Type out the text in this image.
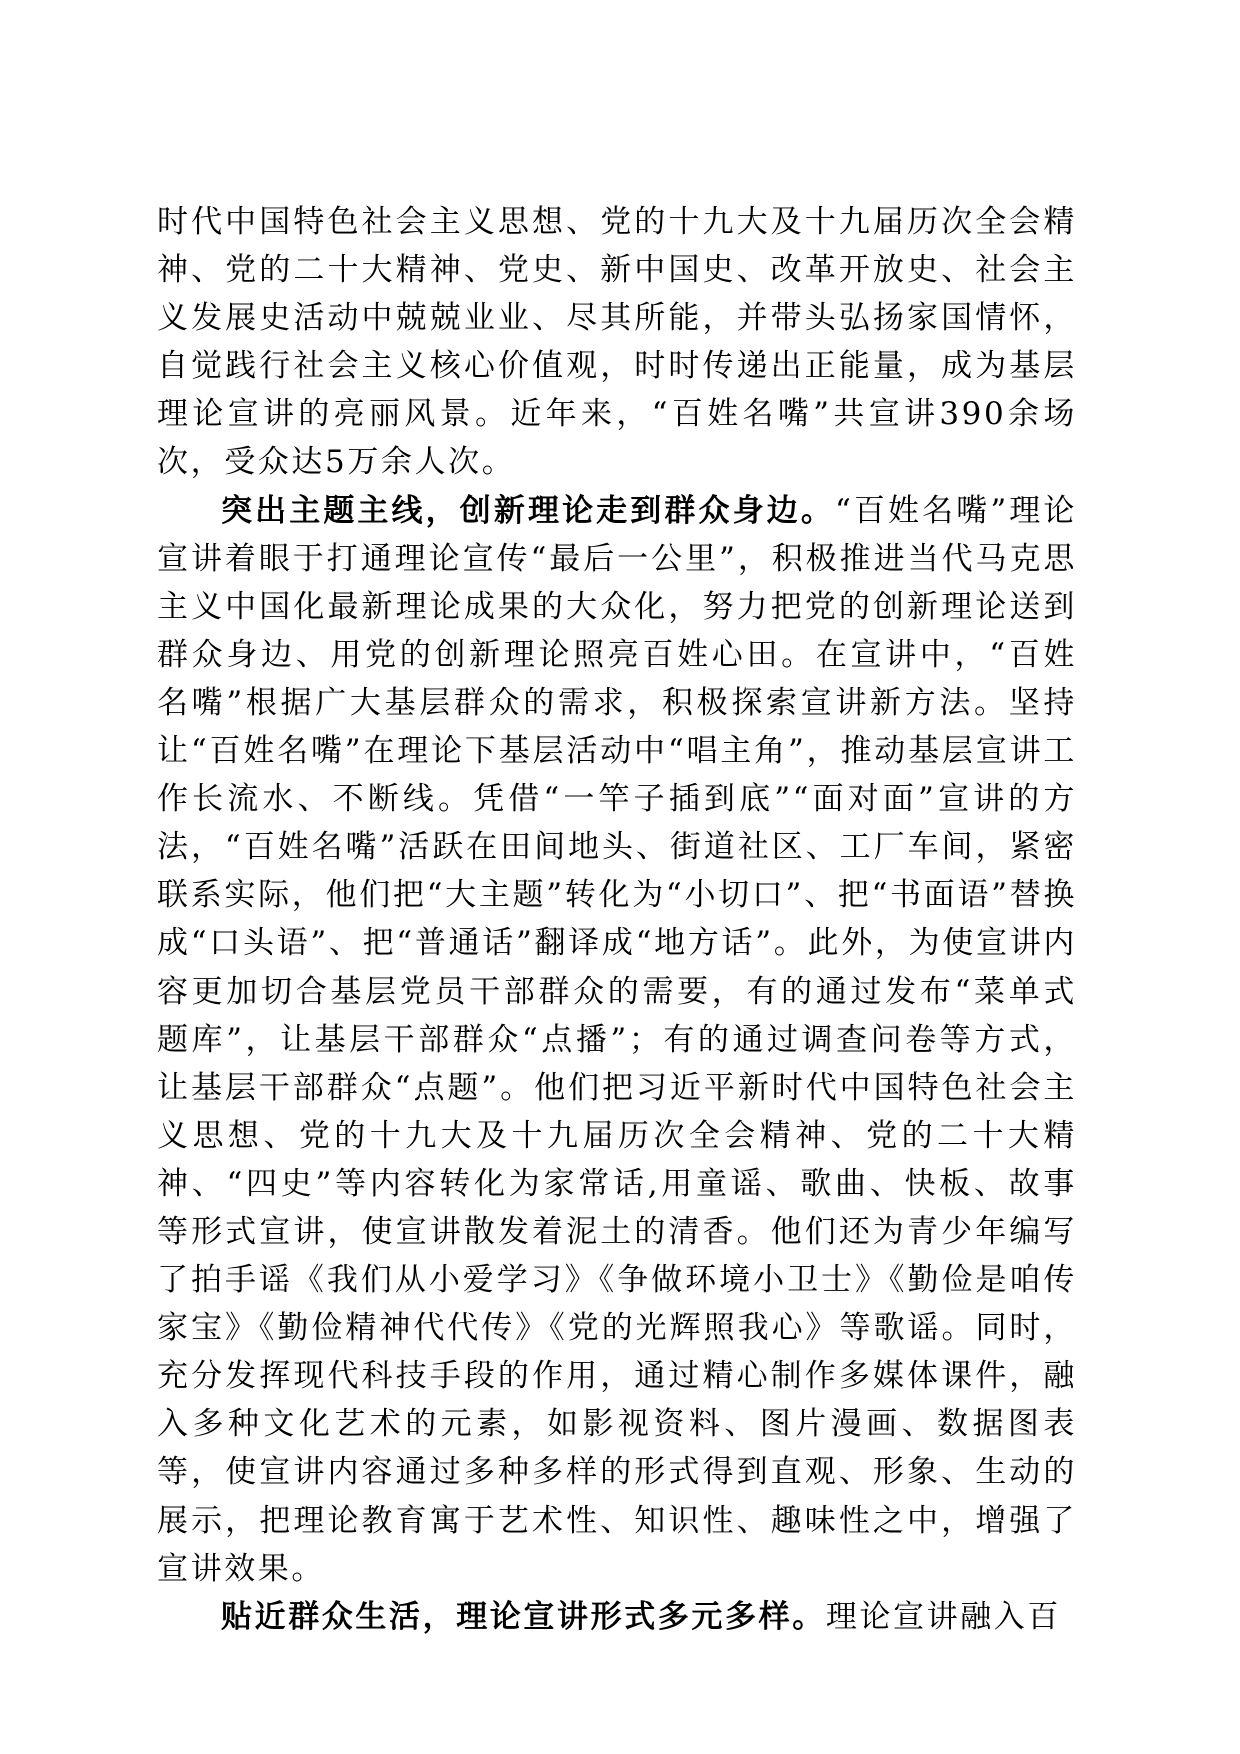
时代中国特色社会主义思想、党的十九大及十九届历次全会精神、党的二十大精神、党史、新中国史、改革开放史、社会主义发展史活动中兢兢业业、尽其所能，并带头弘扬家国情怀，自觉践行社会主义核心价值观，时时传递出正能量，成为基层理论宣讲的亮丽风景。近年来，“百姓名嘴”共宣讲390余场次，受众达5万余人次。

突出主题主线，创新理论走到群众身边。“百姓名嘴”理论宣讲着眼于打通理论宣传“最后一公里”，积极推进当代马克思主义中国化最新理论成果的大众化，努力把党的创新理论送到群众身边、用党的创新理论照亮百姓心田。在宣讲中，“百姓名嘴”根据广大基层群众的需求，积极探索宣讲新方法。坚持让“百姓名嘴”在理论下基层活动中“唱主角”，推动基层宣讲工作长流水、不断线。凭借“一竿子插到底”“面对面”宣讲的方法，“百姓名嘴”活跃在田间地头、街道社区、工厂车间，紧密联系实际，他们把“大主题”转化为“小切口”、把“书面语”替换成“口头语”、把“普通话”翻译成“地方话”。此外，为使宣讲内容更加切合基层党员干部群众的需要，有的通过发布“菜单式题库”，让基层干部群众“点播”；有的通过调查问卷等方式，让基层干部群众“点题”。他们把习近平新时代中国特色社会主义思想、党的十九大及十九届历次全会精神、党的二十大精神、“四史”等内容转化为家常话,用童谣、歌曲、快板、故事等形式宣讲，使宣讲散发着泥土的清香。他们还为青少年编写了拍手谣《我们从小爱学习》《争做环境小卫士》《勤俭是咱传家宝》《勤俭精神代代传》《党的光辉照我心》等歌谣。同时，充分发挥现代科技手段的作用，通过精心制作多媒体课件，融入多种文化艺术的元素，如影视资料、图片漫画、数据图表等，使宣讲内容通过多种多样的形式得到直观、形象、生动的展示，把理论教育寓于艺术性、知识性、趣味性之中，增强了宣讲效果。

贴近群众生活，理论宣讲形式多元多样。理论宣讲融入百
